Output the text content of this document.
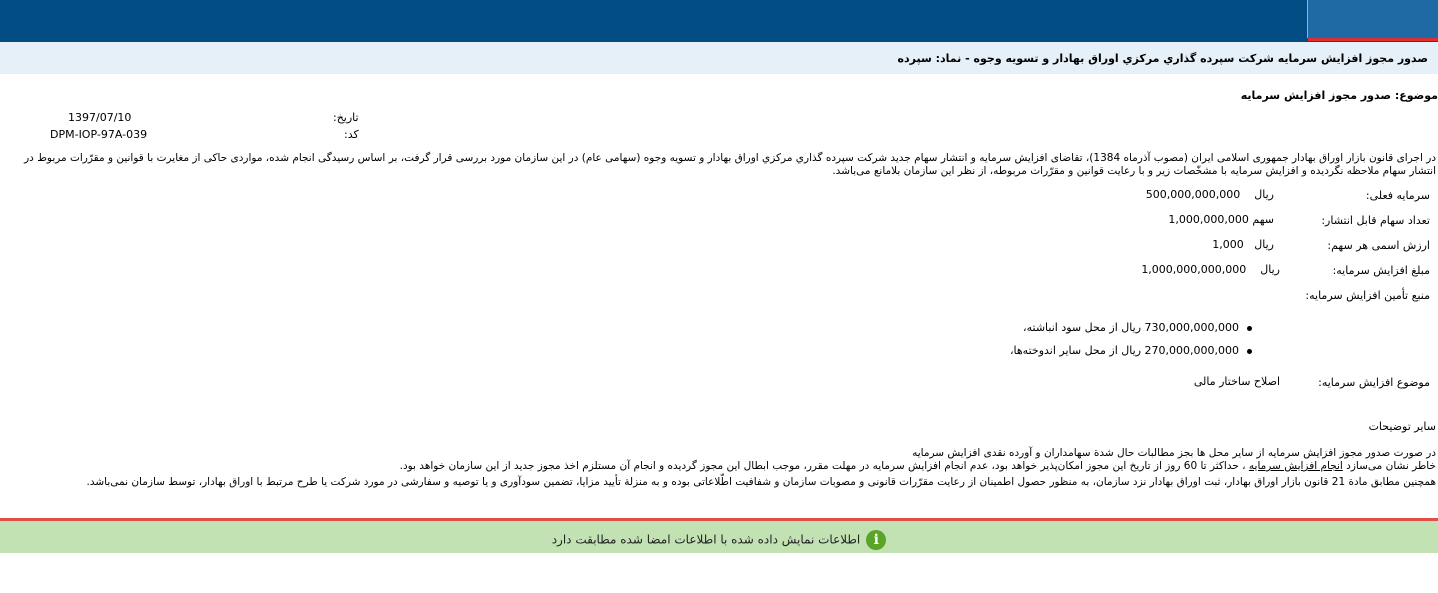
صدور مجوز افزايش سرمايه شرکت سپرده گذاري مرکزي اوراق بهادار و تسويه وجوه - نماد: سپرده
موضوع: صدور مجوز افزایش سرمایه
تاریخ:
1397/07/10
کد:
DPM-IOP-97A-039
در اجرای قانون بازار اوراق بهادار جمهوری اسلامی ایران (مصوب آذرماه 1384)، تقاضای افزایش سرمایه و انتشار سهام جدید شرکت سپرده گذاري مرکزي اوراق بهادار و تسويه وجوه (سهامی عام) در این سازمان مورد بررسی قرار گرفت، بر اساس رسیدگی انجام شده، مواردی حاکی از مغایرت با قوانین و مقرّرات مربوط در
انتشار سهام ملاحظه نگردیده و افزایش سرمایه با مشخّصات زیر و با رعایت قوانین و مقرّرات مربوطه، از نظر این سازمان بلامانع می‌باشد.
سرمایه فعلی:
ریال    500,000,000,000
تعداد سهام قابل انتشار:
سهم 1,000,000,000
ارزش اسمی هر سهم:
ریال   1,000
مبلغ افزایش سرمایه:
ریال    1,000,000,000,000
منبع تأمین افزایش سرمایه:
730,000,000,000 ریال از محل سود انباشته،
270,000,000,000 ریال از محل سایر اندوخته‌ها،
موضوع افزایش سرمایه:
اصلاح ساختار مالی
سایر توضیحات
در صورت صدور مجوز افزایش سرمایه از سایر محل ها بجز مطالبات حال شدة سهامداران و آورده نقدی افزایش سرمایه
خاطر نشان می‌سازد انجام افزایش سرمایه ، حداکثر تا 60 روز از تاریخ این مجوز امکان‌پذیر خواهد بود، عدم انجام افزایش سرمایه در مهلت مقرر، موجب ابطال این مجوز گردیده و انجام آن مستلزم اخذ مجوز جدید از این سازمان خواهد بود.
همچنین مطابق مادة 21 قانون بازار اوراق بهادار، ثبت اوراق بهادار نزد سازمان، به منظور حصول اطمینان از رعایت مقرّرات قانونی و مصوبات سازمان و شفافیت اطّلاعاتی بوده و به منزلة تأیید مزایا، تضمین سودآوری و یا توصیه و سفارشی در مورد شرکت یا طرح مرتبط با اوراق بهادار، توسط سازمان نمی‌باشد.
iاطلاعات نمایش داده شده با اطلاعات امضا شده مطابقت دارد
